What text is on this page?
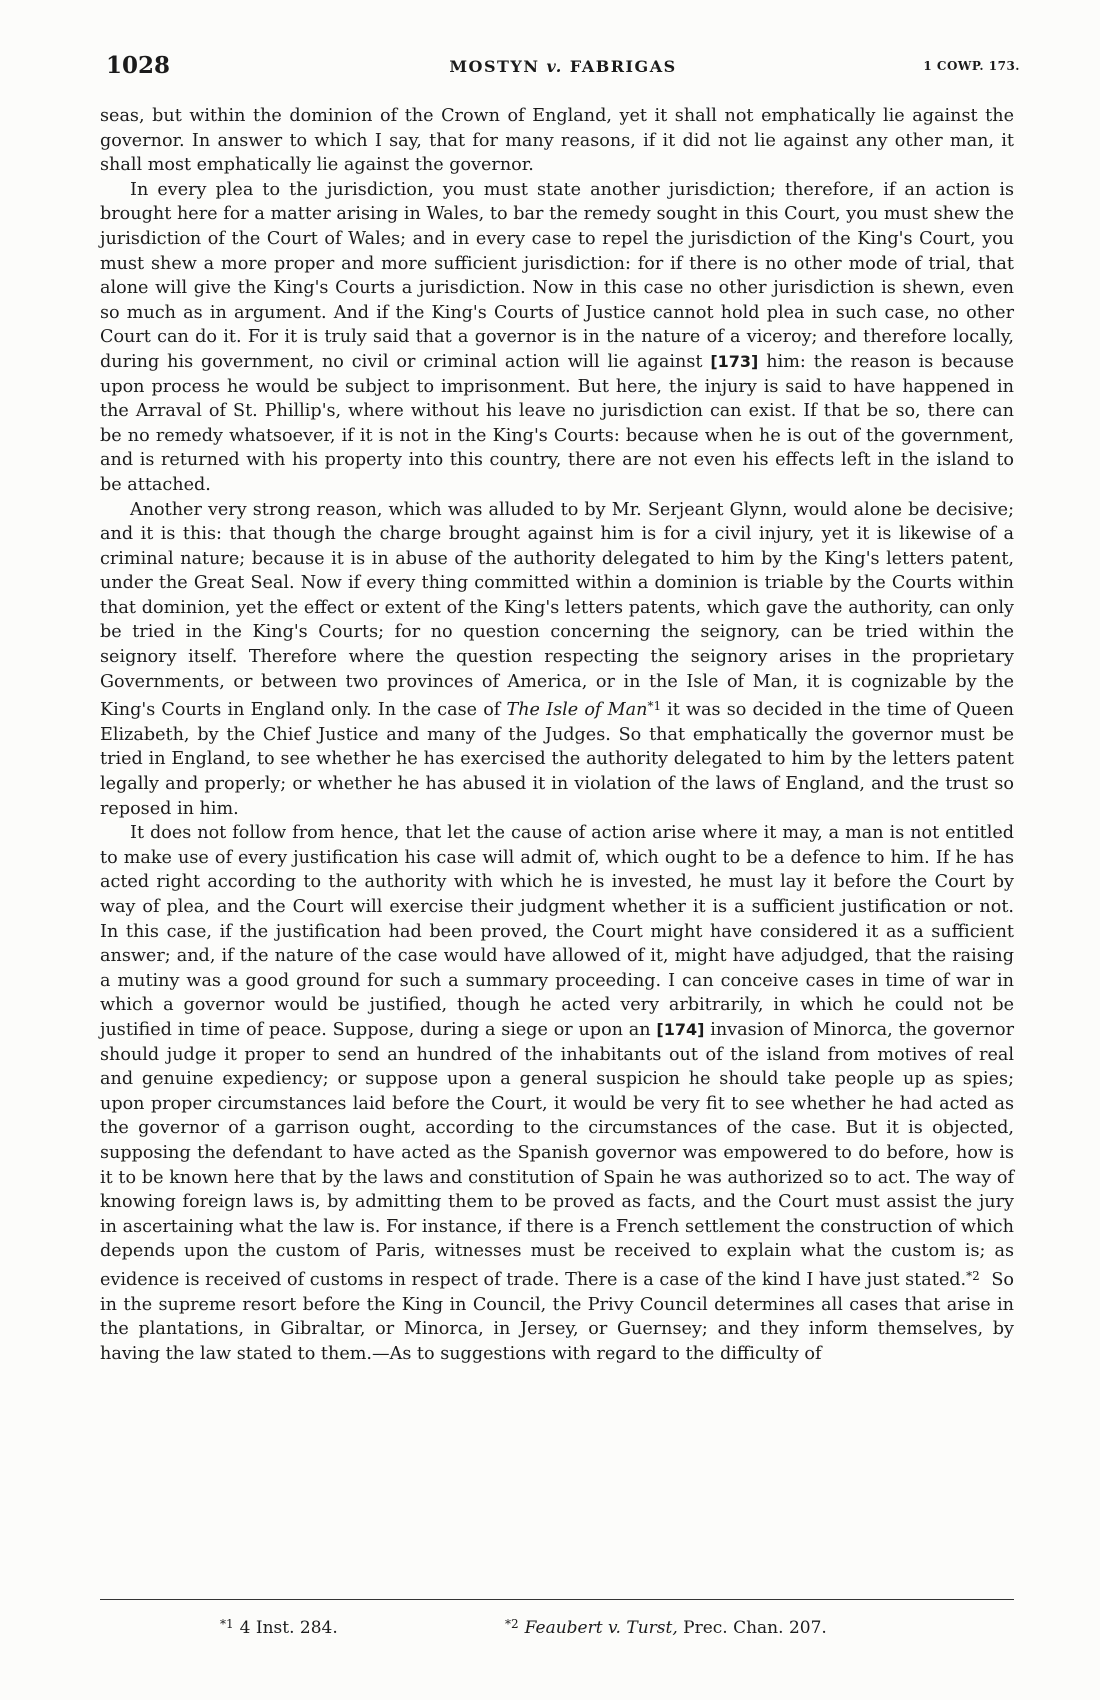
1028	MOSTYN v. FABRIGAS	1 COWP. 173.

seas, but within the dominion of the Crown of England, yet it shall not emphatically lie against the governor. In answer to which I say, that for many reasons, if it did not lie against any other man, it shall most emphatically lie against the governor.

In every plea to the jurisdiction, you must state another jurisdiction; therefore, if an action is brought here for a matter arising in Wales, to bar the remedy sought in this Court, you must shew the jurisdiction of the Court of Wales; and in every case to repel the jurisdiction of the King's Court, you must shew a more proper and more sufficient jurisdiction: for if there is no other mode of trial, that alone will give the King's Courts a jurisdiction. Now in this case no other jurisdiction is shewn, even so much as in argument. And if the King's Courts of Justice cannot hold plea in such case, no other Court can do it. For it is truly said that a governor is in the nature of a viceroy; and therefore locally, during his government, no civil or criminal action will lie against [173] him: the reason is because upon process he would be subject to imprisonment. But here, the injury is said to have happened in the Arraval of St. Phillip's, where without his leave no jurisdiction can exist. If that be so, there can be no remedy whatsoever, if it is not in the King's Courts: because when he is out of the government, and is returned with his property into this country, there are not even his effects left in the island to be attached.

Another very strong reason, which was alluded to by Mr. Serjeant Glynn, would alone be decisive; and it is this: that though the charge brought against him is for a civil injury, yet it is likewise of a criminal nature; because it is in abuse of the authority delegated to him by the King's letters patent, under the Great Seal. Now if every thing committed within a dominion is triable by the Courts within that dominion, yet the effect or extent of the King's letters patents, which gave the authority, can only be tried in the King's Courts; for no question concerning the seignory, can be tried within the seignory itself. Therefore where the question respecting the seignory arises in the proprietary Governments, or between two provinces of America, or in the Isle of Man, it is cognizable by the King's Courts in England only. In the case of The Isle of Man$^{*1}$ it was so decided in the time of Queen Elizabeth, by the Chief Justice and many of the Judges. So that emphatically the governor must be tried in England, to see whether he has exercised the authority delegated to him by the letters patent legally and properly; or whether he has abused it in violation of the laws of England, and the trust so reposed in him.

It does not follow from hence, that let the cause of action arise where it may, a man is not entitled to make use of every justification his case will admit of, which ought to be a defence to him. If he has acted right according to the authority with which he is invested, he must lay it before the Court by way of plea, and the Court will exercise their judgment whether it is a sufficient justification or not. In this case, if the justification had been proved, the Court might have considered it as a sufficient answer; and, if the nature of the case would have allowed of it, might have adjudged, that the raising a mutiny was a good ground for such a summary proceeding. I can conceive cases in time of war in which a governor would be justified, though he acted very arbitrarily, in which he could not be justified in time of peace. Suppose, during a siege or upon an [174] invasion of Minorca, the governor should judge it proper to send an hundred of the inhabitants out of the island from motives of real and genuine expediency; or suppose upon a general suspicion he should take people up as spies; upon proper circumstances laid before the Court, it would be very fit to see whether he had acted as the governor of a garrison ought, according to the circumstances of the case. But it is objected, supposing the defendant to have acted as the Spanish governor was empowered to do before, how is it to be known here that by the laws and constitution of Spain he was authorized so to act. The way of knowing foreign laws is, by admitting them to be proved as facts, and the Court must assist the jury in ascertaining what the law is. For instance, if there is a French settlement the construction of which depends upon the custom of Paris, witnesses must be received to explain what the custom is; as evidence is received of customs in respect of trade. There is a case of the kind I have just stated.$^{*2}$ So in the supreme resort before the King in Council, the Privy Council determines all cases that arise in the plantations, in Gibraltar, or Minorca, in Jersey, or Guernsey; and they inform themselves, by having the law stated to them.—As to suggestions with regard to the difficulty of

$^{*1}$ 4 Inst. 284.	$^{*2}$ Feaubert v. Turst, Prec. Chan. 207.
